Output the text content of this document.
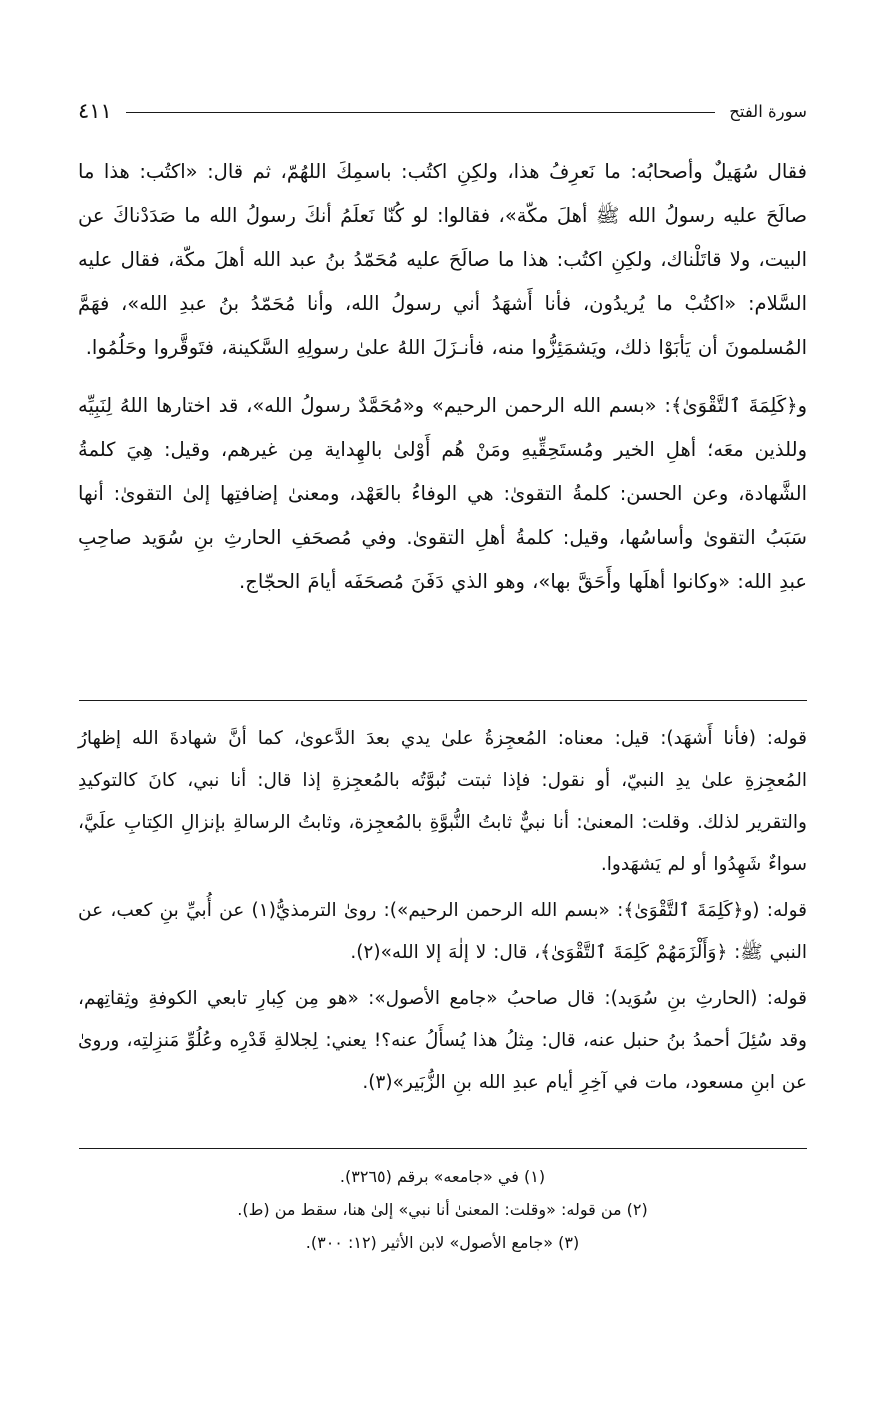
٤١١	سورة الفتح

فقال سُهَيلٌ وأصحابُه: ما نَعرِفُ هذا، ولكِنِ اكتُب: باسمِكَ اللهُمّ، ثم قال: «اكتُب: هذا ما صالَحَ عليه رسولُ الله ﷺ أهلَ مكّة»، فقالوا: لو كُنّا نَعلَمُ أنكَ رسولُ الله ما صَدَدْناكَ عن البيت، ولا قاتَلْناك، ولكِنِ اكتُب: هذا ما صالَحَ عليه مُحَمّدُ بنُ عبد الله أهلَ مكّة، فقال عليه السَّلام: «اكتُبْ ما يُريدُون، فأنا أَشهَدُ أني رسولُ الله، وأنا مُحَمّدُ بنُ عبدِ الله»، فهَمَّ المُسلمونَ أن يَأبَوْا ذلك، ويَشمَئِزُّوا منه، فأنـزَلَ اللهُ علىٰ رسولِهِ السَّكينة، فتَوقَّروا وحَلُمُوا.

و﴿كَلِمَةَ ٱلتَّقْوَىٰ﴾: «بسم الله الرحمن الرحيم» و«مُحَمَّدٌ رسولُ الله»، قد اختارها اللهُ لِنَبِيِّه وللذين معَه؛ أهلِ الخير ومُستَحِقِّيهِ ومَنْ هُم أَوْلىٰ بالهِداية مِن غيرهم، وقيل: هِيَ كلمةُ الشَّهادة، وعن الحسن: كلمةُ التقوىٰ: هي الوفاءُ بالعَهْد، ومعنىٰ إضافتِها إلىٰ التقوىٰ: أنها سَبَبُ التقوىٰ وأساسُها، وقيل: كلمةُ أهلِ التقوىٰ. وفي مُصحَفِ الحارثِ بنِ سُوَيد صاحِبِ عبدِ الله: «وكانوا أهلَها وأَحَقَّ بها»، وهو الذي دَفَنَ مُصحَفَه أيامَ الحجّاج.

قوله: (فأنا أَشهَد): قيل: معناه: المُعجِزةُ علىٰ يدي بعدَ الدَّعوىٰ، كما أنَّ شهادةَ الله إظهارُ المُعجِزةِ علىٰ يدِ النبيّ، أو نقول: فإذا ثبتت نُبوَّتُه بالمُعجِزةِ إذا قال: أنا نبي، كانَ كالتوكيدِ والتقرير لذلك. وقلت: المعنىٰ: أنا نبيٌّ ثابتُ النُّبوَّةِ بالمُعجِزة، وثابتُ الرسالةِ بإنزالِ الكِتابِ علَيَّ، سواءٌ شَهِدُوا أو لم يَشهَدوا.

قوله: (و﴿كَلِمَةَ ٱلتَّقْوَىٰ﴾: «بسم الله الرحمن الرحيم»): روىٰ الترمذيُّ(١) عن أُبيِّ بنِ كعب، عن النبي ﷺ: ﴿وَأَلْزَمَهُمْ كَلِمَةَ ٱلتَّقْوَىٰ﴾، قال: لا إلٰهَ إلا الله»(٢).

قوله: (الحارثِ بنِ سُوَيد): قال صاحبُ «جامع الأصول»: «هو مِن كِبارِ تابعي الكوفةِ وثِقاتِهم، وقد سُئِلَ أحمدُ بنُ حنبل عنه، قال: مِثلُ هذا يُسأَلُ عنه؟! يعني: لِجلالةِ قَدْرِه وعُلُوِّ مَنزِلتِه، وروىٰ عن ابنِ مسعود، مات في آخِرِ أيام عبدِ الله بنِ الزُّبَير»(٣).

(١) في «جامعه» برقم (٣٢٦٥).
(٢) من قوله: «وقلت: المعنىٰ أنا نبي» إلىٰ هنا، سقط من (ط).
(٣) «جامع الأصول» لابن الأثير (١٢: ٣٠٠).
